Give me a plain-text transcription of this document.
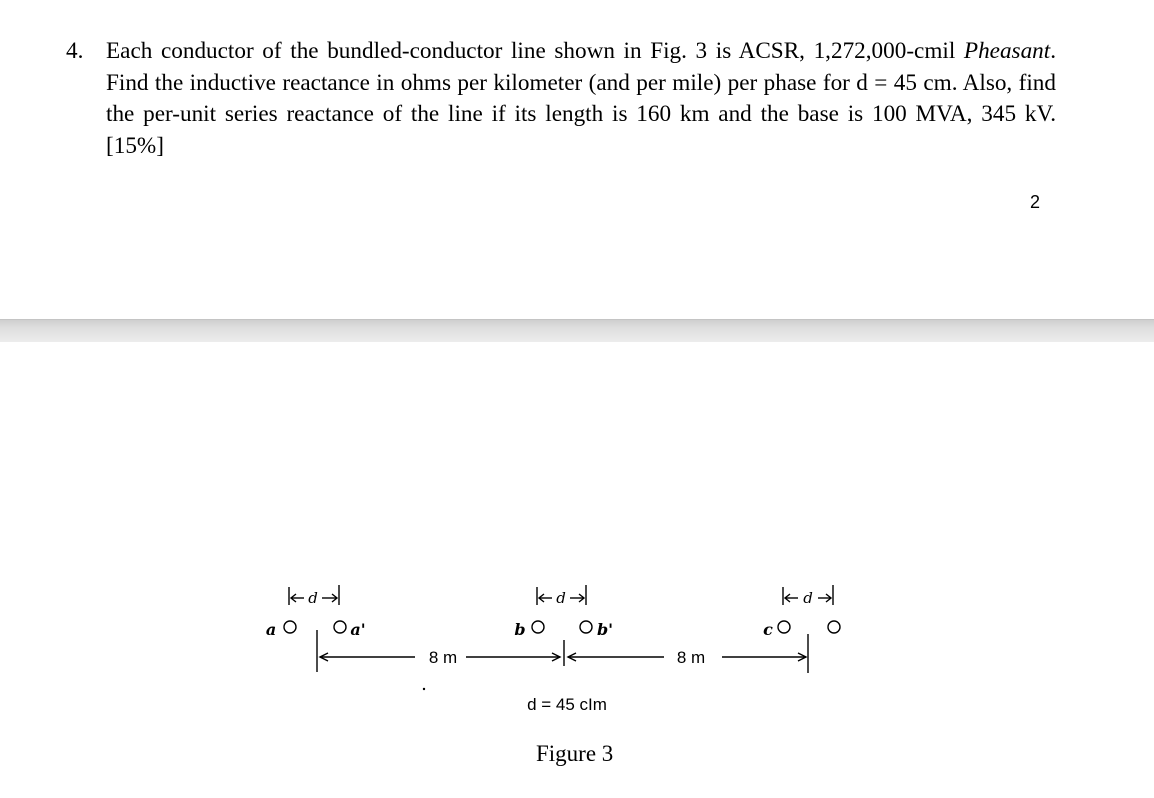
4. Each conductor of the bundled-conductor line shown in Fig. 3 is ACSR, 1,272,000-cmil Pheasant. Find the inductive reactance in ohms per kilometer (and per mile) per phase for d = 45 cm. Also, find the per-unit series reactance of the line if its length is 160 km and the base is 100 MVA, 345 kV. [15%]
2
d
a	a'
8 m
d
b	b'
8 m
d
c
d = 45 cIm
Figure 3
